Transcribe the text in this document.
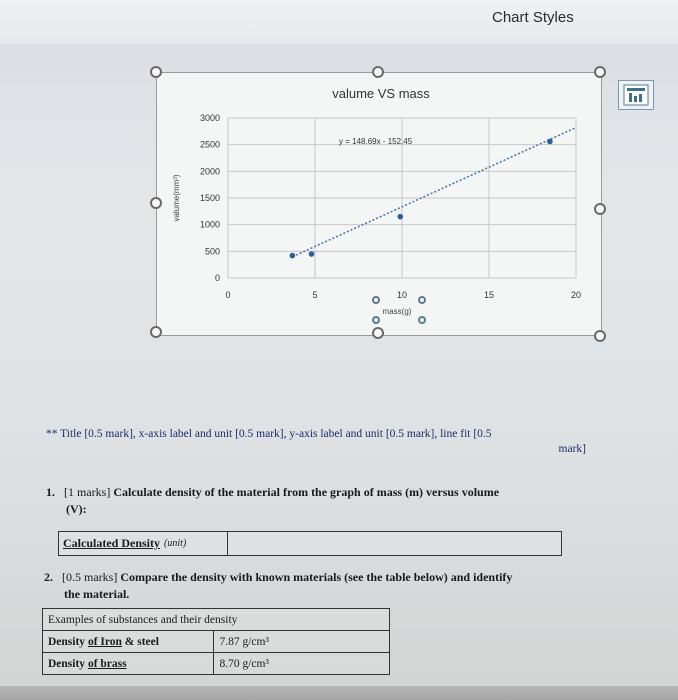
Chart Styles
0
500
1000
1500
2000
2500
3000
0	5	10	15	20
valume VS mass
valume(mm³)
mass(g)
y = 148.69x - 152.45
** Title [0.5 mark], x-axis label and unit [0.5 mark], y-axis label and unit [0.5 mark], line fit [0.5
mark]
1. [1 marks] Calculate density of the material from the graph of mass (m) versus volume
(V):
Calculated Density (unit)
2. [0.5 marks] Compare the density with known materials (see the table below) and identify
the material.
Examples of substances and their density	
Density of Iron & steel	7.87 g/cm³
Density of brass	8.70 g/cm³
